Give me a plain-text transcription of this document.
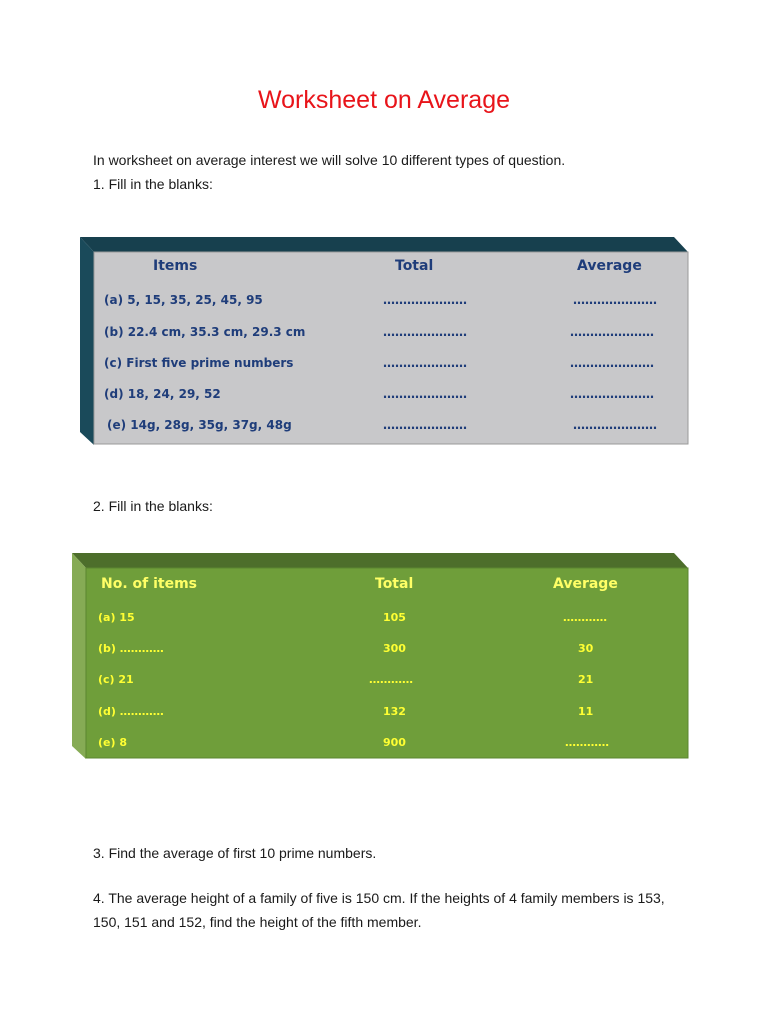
Worksheet on Average
In worksheet on average interest we will solve 10 different types of question.
1. Fill in the blanks:
Items	Total	Average
(a) 5, 15, 35, 25, 45, 95	…………………	…………………
(b) 22.4 cm, 35.3 cm, 29.3 cm	…………………	…………………
(c) First five prime numbers	…………………	…………………
(d) 18, 24, 29, 52	…………………	…………………
(e) 14g, 28g, 35g, 37g, 48g	…………………	…………………
2. Fill in the blanks:
No. of items	Total	Average
(a) 15	105	…………
(b) …………	300	30
(c) 21	…………	21
(d) …………	132	11
(e) 8	900	…………
3. Find the average of first 10 prime numbers.
4. The average height of a family of five is 150 cm. If the heights of 4 family members is 153, 150, 151 and 152, find the height of the fifth member.
